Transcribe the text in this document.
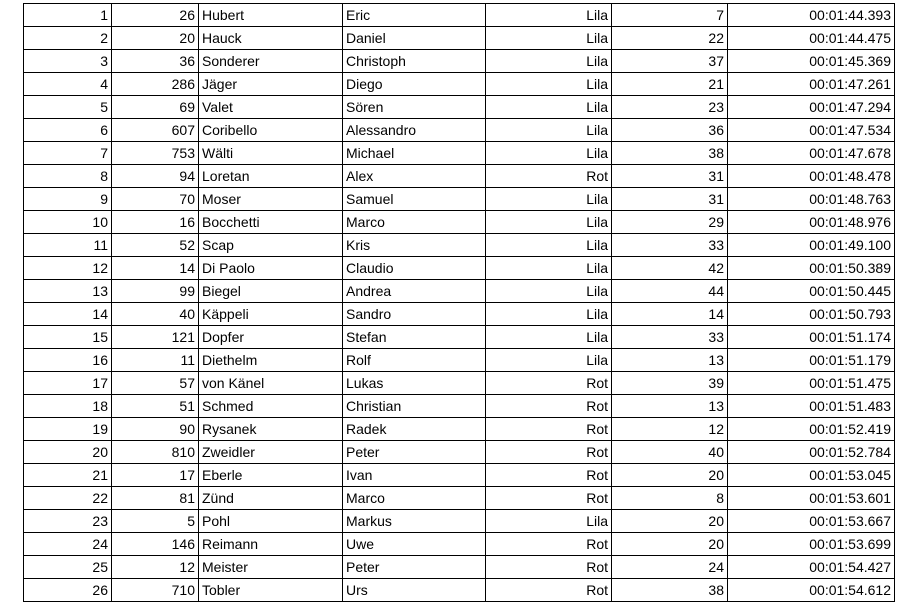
1	26	Hubert	Eric	Lila	7	00:01:44.393
2	20	Hauck	Daniel	Lila	22	00:01:44.475
3	36	Sonderer	Christoph	Lila	37	00:01:45.369
4	286	Jäger	Diego	Lila	21	00:01:47.261
5	69	Valet	Sören	Lila	23	00:01:47.294
6	607	Coribello	Alessandro	Lila	36	00:01:47.534
7	753	Wälti	Michael	Lila	38	00:01:47.678
8	94	Loretan	Alex	Rot	31	00:01:48.478
9	70	Moser	Samuel	Lila	31	00:01:48.763
10	16	Bocchetti	Marco	Lila	29	00:01:48.976
11	52	Scap	Kris	Lila	33	00:01:49.100
12	14	Di Paolo	Claudio	Lila	42	00:01:50.389
13	99	Biegel	Andrea	Lila	44	00:01:50.445
14	40	Käppeli	Sandro	Lila	14	00:01:50.793
15	121	Dopfer	Stefan	Lila	33	00:01:51.174
16	11	Diethelm	Rolf	Lila	13	00:01:51.179
17	57	von Känel	Lukas	Rot	39	00:01:51.475
18	51	Schmed	Christian	Rot	13	00:01:51.483
19	90	Rysanek	Radek	Rot	12	00:01:52.419
20	810	Zweidler	Peter	Rot	40	00:01:52.784
21	17	Eberle	Ivan	Rot	20	00:01:53.045
22	81	Zünd	Marco	Rot	8	00:01:53.601
23	5	Pohl	Markus	Lila	20	00:01:53.667
24	146	Reimann	Uwe	Rot	20	00:01:53.699
25	12	Meister	Peter	Rot	24	00:01:54.427
26	710	Tobler	Urs	Rot	38	00:01:54.612
